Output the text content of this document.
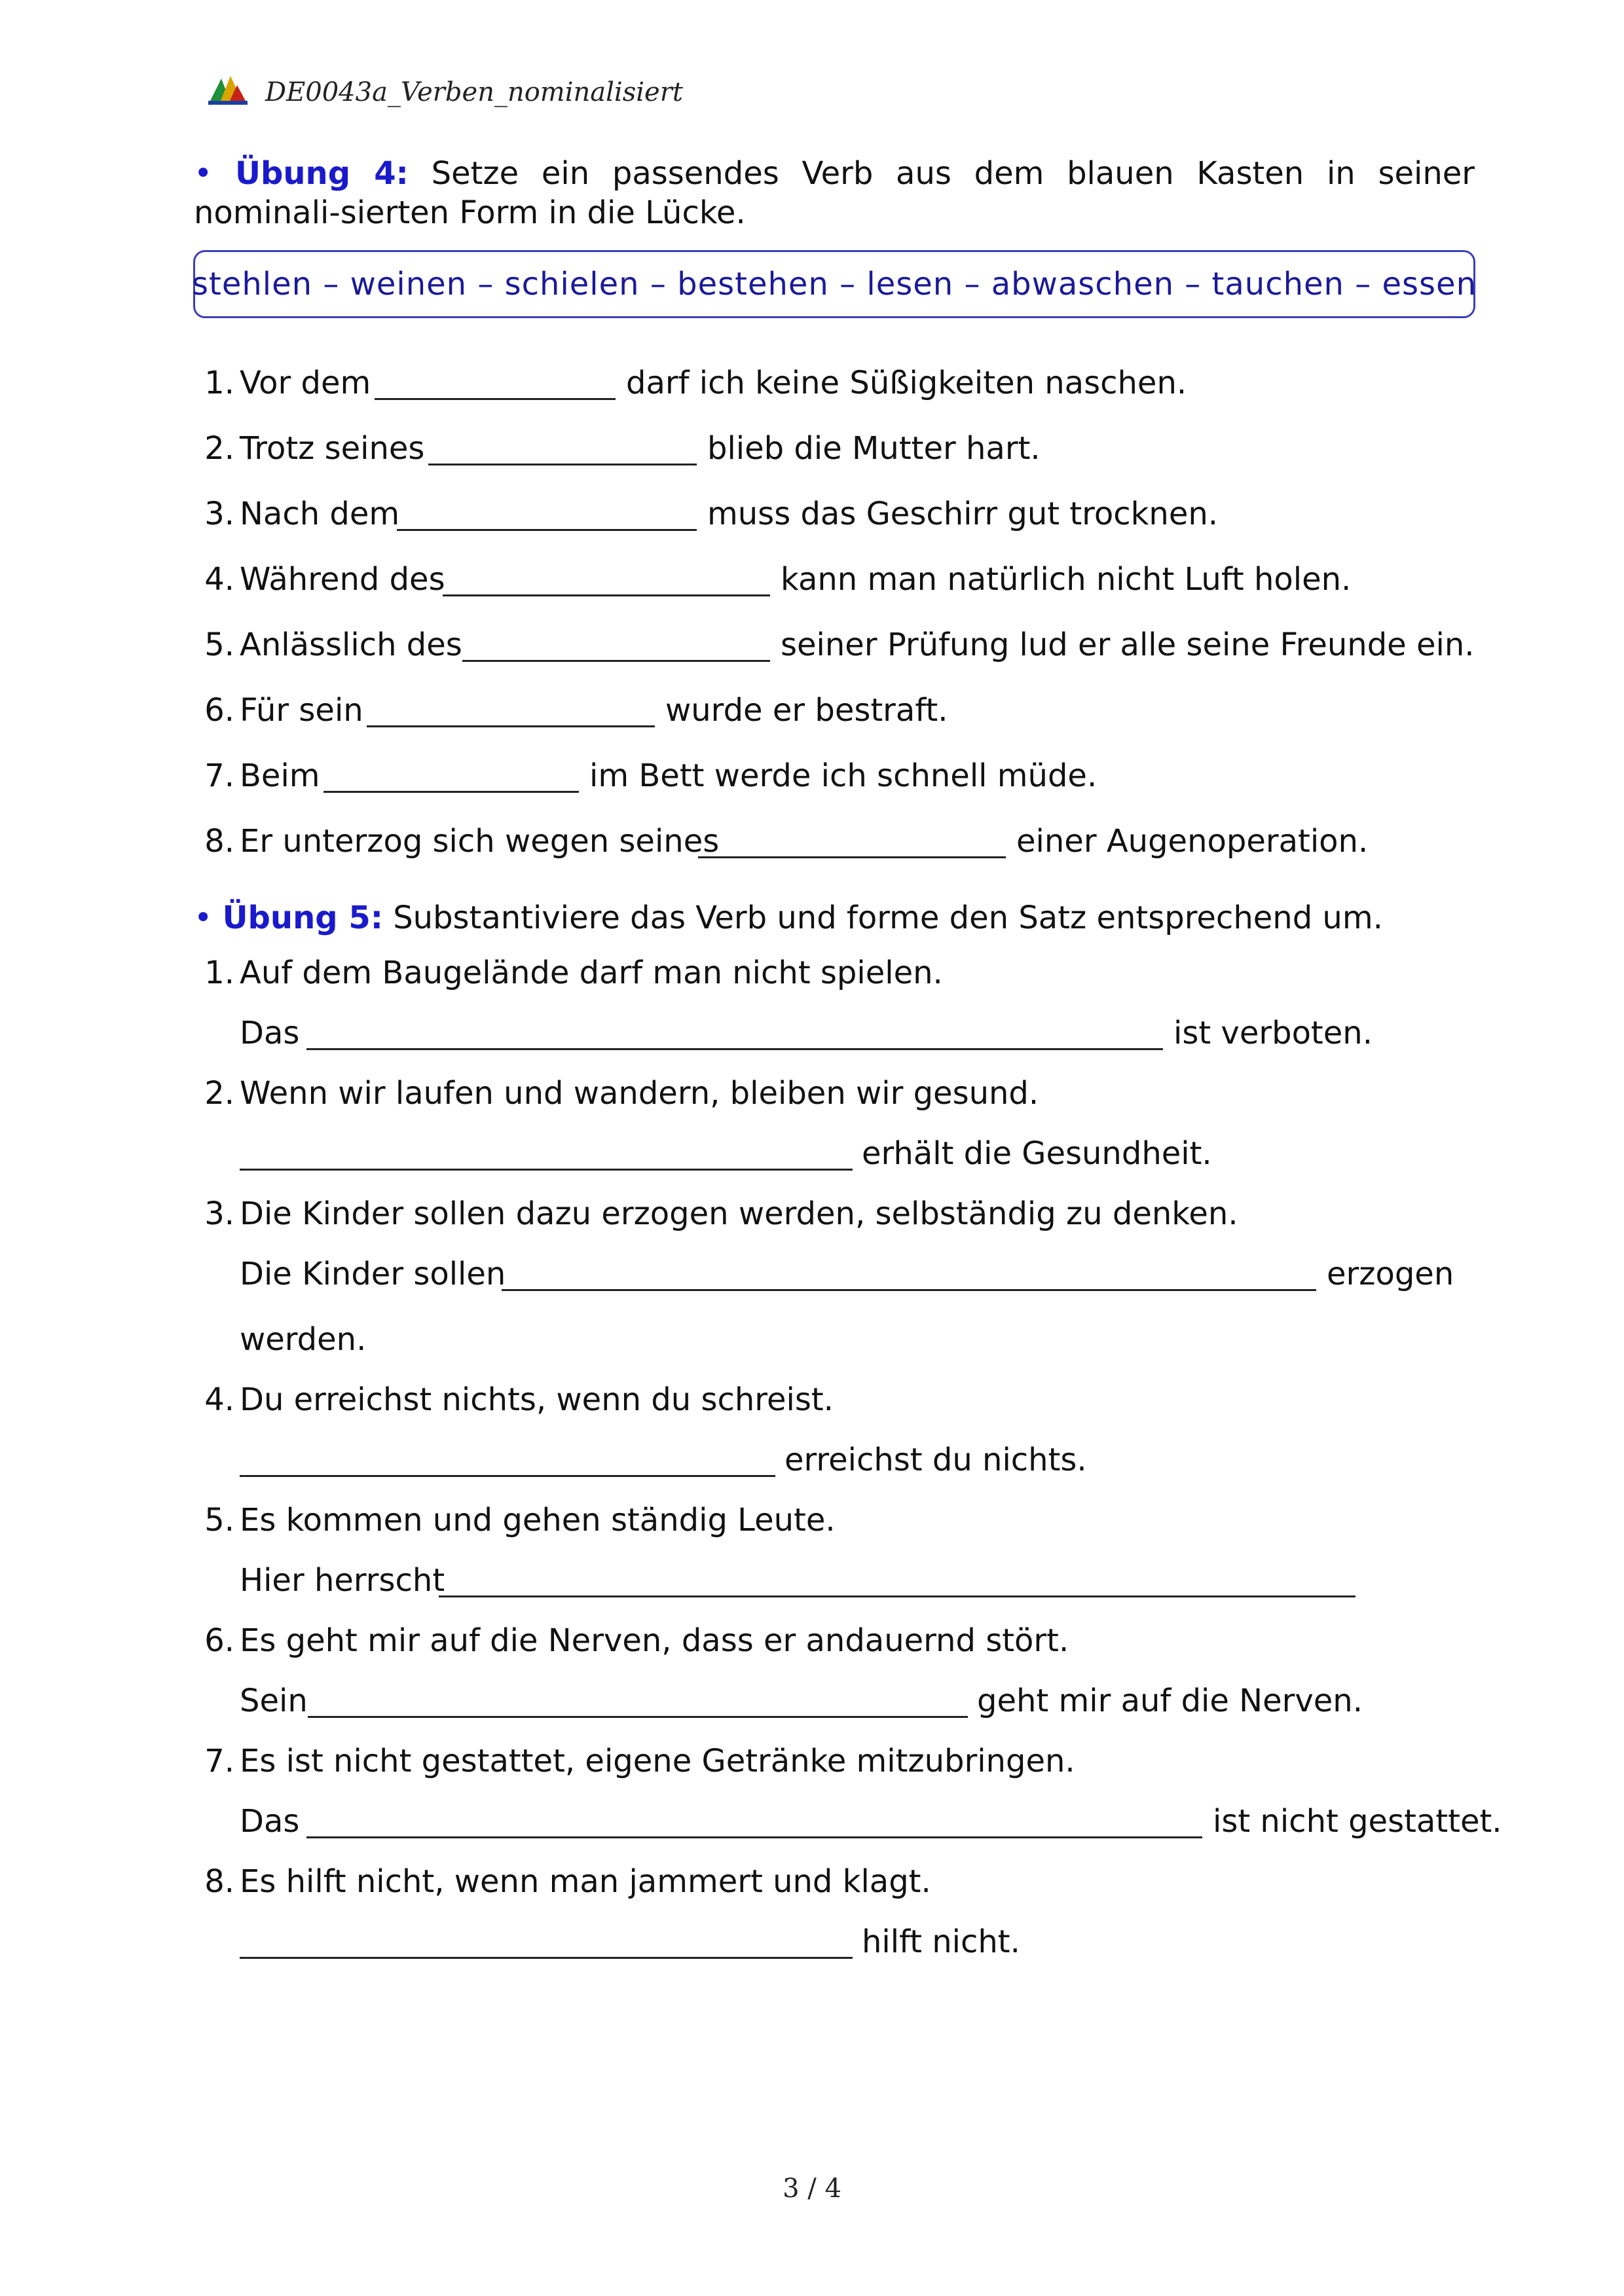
DE0043a_Verben_nominalisiert
• Übung 4: Setze ein passendes Verb aus dem blauen Kasten in seiner nominali-sierten Form in die Lücke.
stehlen – weinen – schielen – bestehen – lesen – abwaschen – tauchen – essen
1. Vor dem	darf ich keine Süßigkeiten naschen.
2. Trotz seines	blieb die Mutter hart.
3. Nach dem	muss das Geschirr gut trocknen.
4. Während des	kann man natürlich nicht Luft holen.
5. Anlässlich des	seiner Prüfung lud er alle seine Freunde ein.
6. Für sein	wurde er bestraft.
7. Beim	im Bett werde ich schnell müde.
8. Er unterzog sich wegen seines	einer Augenoperation.
• Übung 5: Substantiviere das Verb und forme den Satz entsprechend um.
1. Auf dem Baugelände darf man nicht spielen.
Das	ist verboten.
2. Wenn wir laufen und wandern, bleiben wir gesund.
erhält die Gesundheit.
3. Die Kinder sollen dazu erzogen werden, selbständig zu denken.
Die Kinder sollen	erzogen
werden.
4. Du erreichst nichts, wenn du schreist.
erreichst du nichts.
5. Es kommen und gehen ständig Leute.
Hier herrscht
6. Es geht mir auf die Nerven, dass er andauernd stört.
Sein	geht mir auf die Nerven.
7. Es ist nicht gestattet, eigene Getränke mitzubringen.
Das	ist nicht gestattet.
8. Es hilft nicht, wenn man jammert und klagt.
hilft nicht.
3 / 4
